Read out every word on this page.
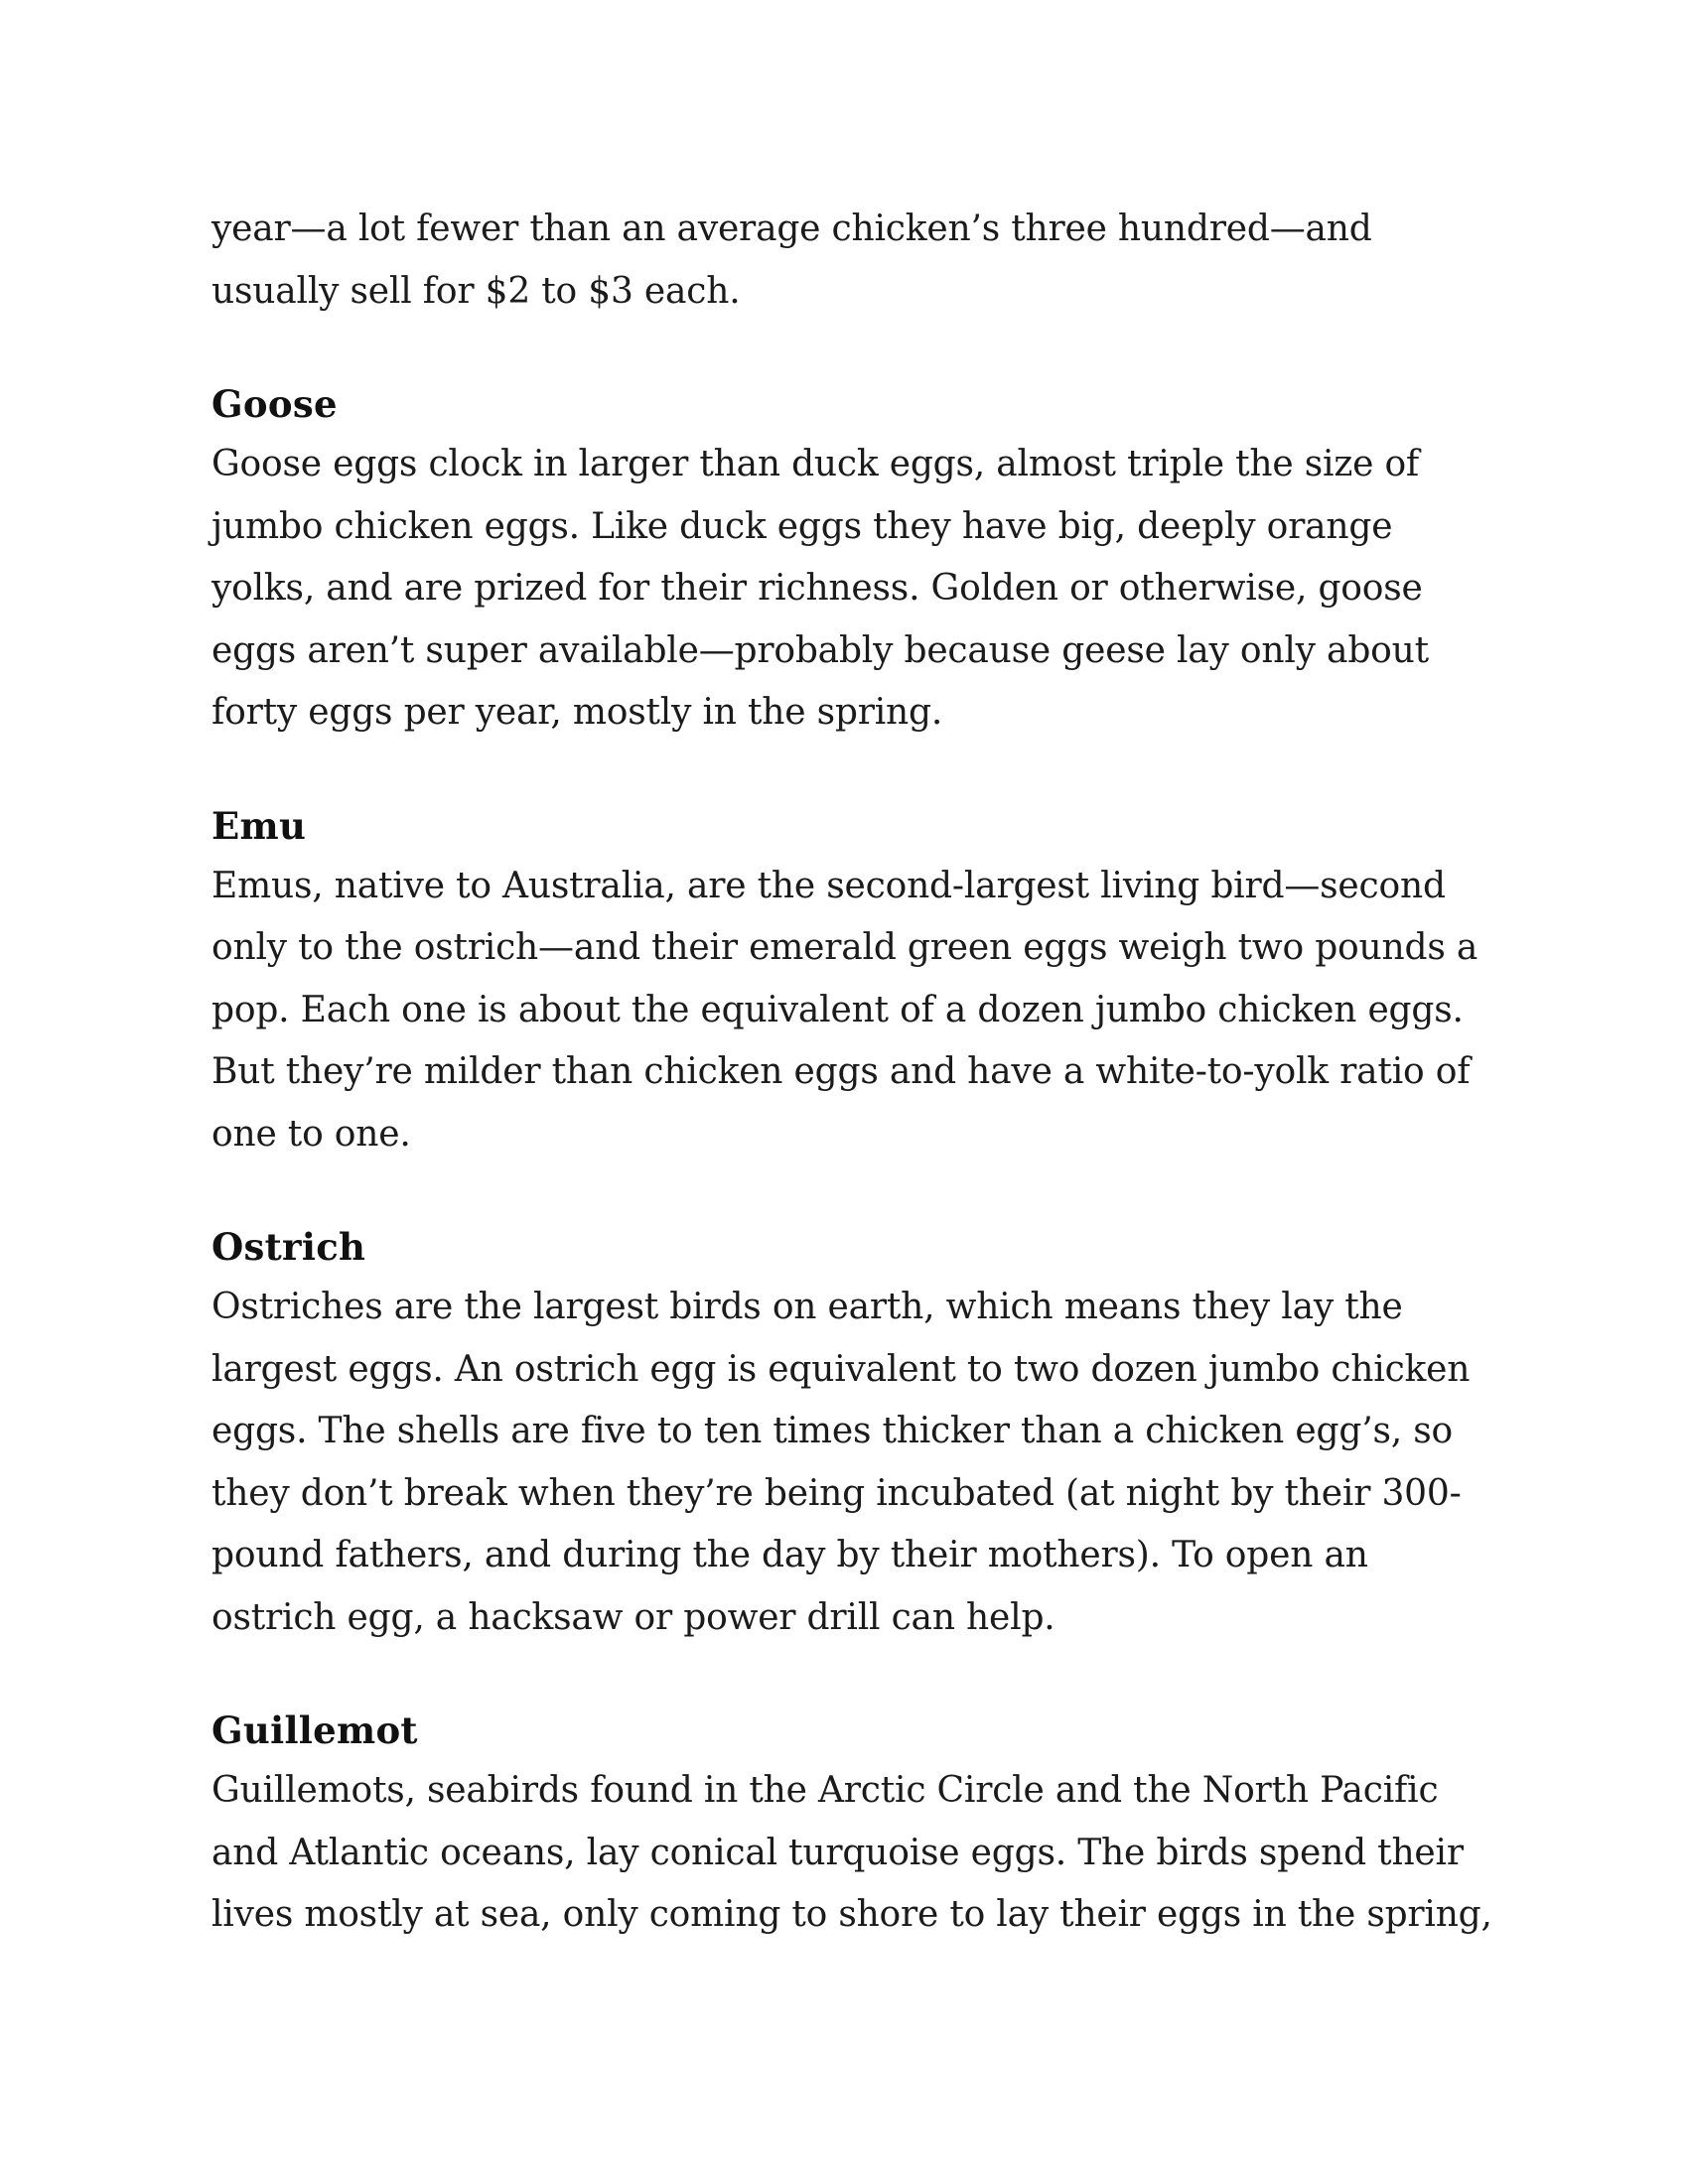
year—a lot fewer than an average chicken’s three hundred—and
usually sell for $2 to $3 each.

Goose

Goose eggs clock in larger than duck eggs, almost triple the size of
jumbo chicken eggs. Like duck eggs they have big, deeply orange
yolks, and are prized for their richness. Golden or otherwise, goose
eggs aren’t super available—probably because geese lay only about
forty eggs per year, mostly in the spring.

Emu

Emus, native to Australia, are the second-largest living bird—second
only to the ostrich—and their emerald green eggs weigh two pounds a
pop. Each one is about the equivalent of a dozen jumbo chicken eggs.
But they’re milder than chicken eggs and have a white-to-yolk ratio of
one to one.

Ostrich

Ostriches are the largest birds on earth, which means they lay the
largest eggs. An ostrich egg is equivalent to two dozen jumbo chicken
eggs. The shells are five to ten times thicker than a chicken egg’s, so
they don’t break when they’re being incubated (at night by their 300-
pound fathers, and during the day by their mothers). To open an
ostrich egg, a hacksaw or power drill can help.

Guillemot

Guillemots, seabirds found in the Arctic Circle and the North Pacific
and Atlantic oceans, lay conical turquoise eggs. The birds spend their
lives mostly at sea, only coming to shore to lay their eggs in the spring,
